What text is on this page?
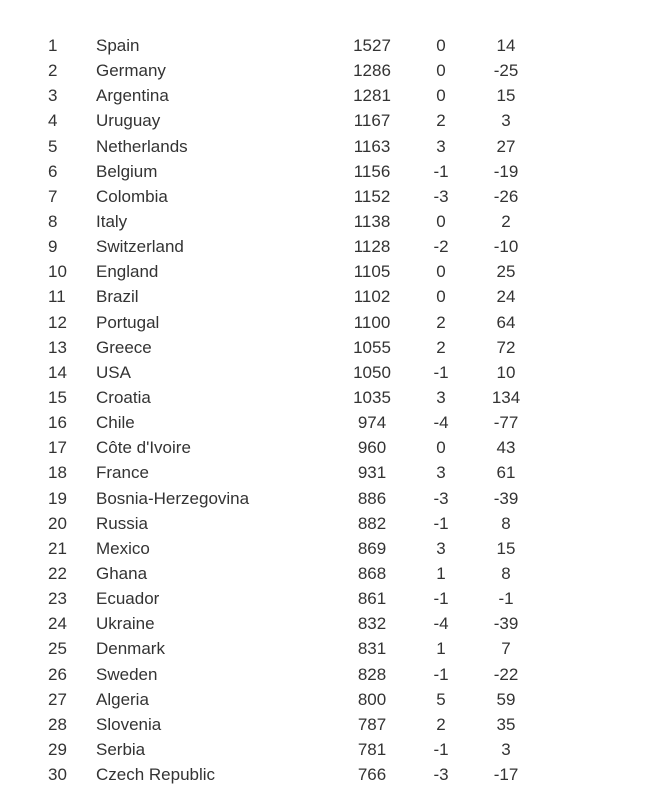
1	Spain	1527	0	14
2	Germany	1286	0	-25
3	Argentina	1281	0	15
4	Uruguay	1167	2	3
5	Netherlands	1163	3	27
6	Belgium	1156	-1	-19
7	Colombia	1152	-3	-26
8	Italy	1138	0	2
9	Switzerland	1128	-2	-10
10	England	1105	0	25
11	Brazil	1102	0	24
12	Portugal	1100	2	64
13	Greece	1055	2	72
14	USA	1050	-1	10
15	Croatia	1035	3	134
16	Chile	974	-4	-77
17	Côte d'Ivoire	960	0	43
18	France	931	3	61
19	Bosnia-Herzegovina	886	-3	-39
20	Russia	882	-1	8
21	Mexico	869	3	15
22	Ghana	868	1	8
23	Ecuador	861	-1	-1
24	Ukraine	832	-4	-39
25	Denmark	831	1	7
26	Sweden	828	-1	-22
27	Algeria	800	5	59
28	Slovenia	787	2	35
29	Serbia	781	-1	3
30	Czech Republic	766	-3	-17
